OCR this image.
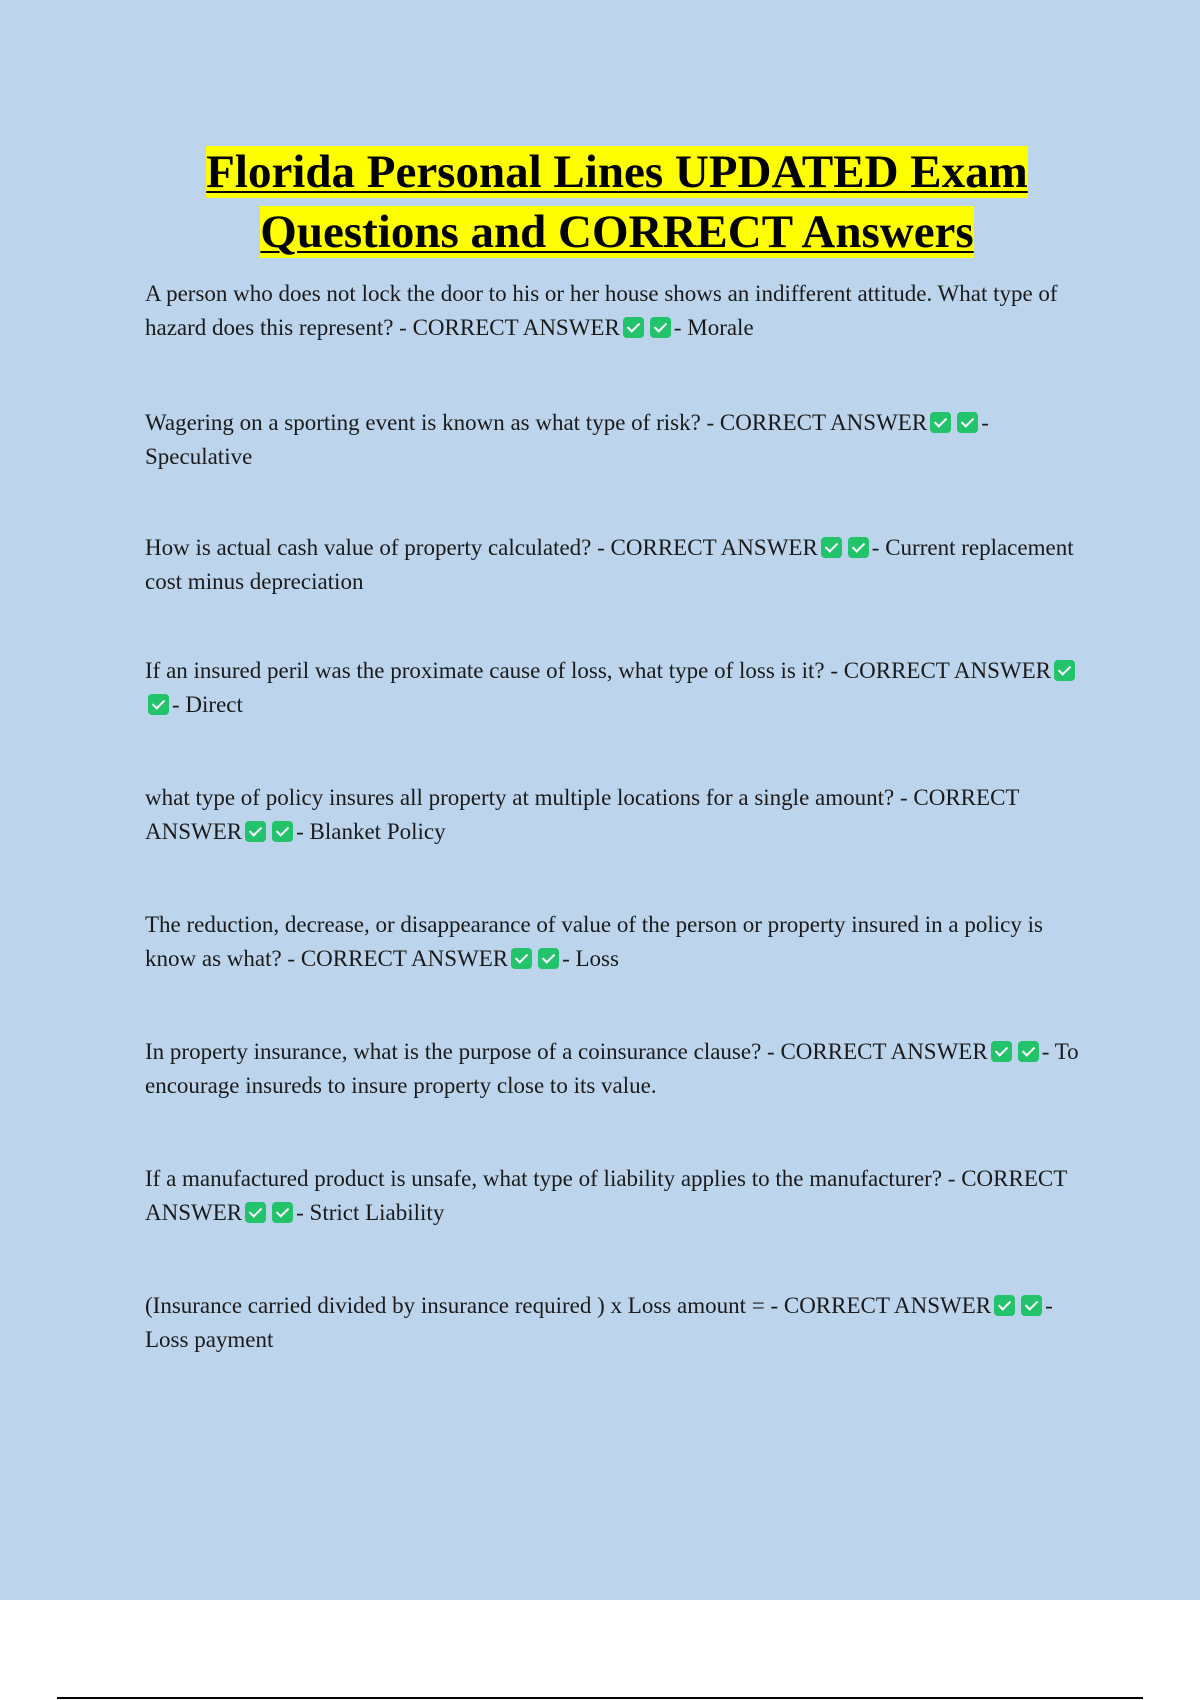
Florida Personal Lines UPDATED Exam
Questions and CORRECT Answers

A person who does not lock the door to his or her house shows an indifferent attitude. What type of hazard does this represent? - CORRECT ANSWER - Morale

Wagering on a sporting event is known as what type of risk? - CORRECT ANSWER - Speculative

How is actual cash value of property calculated? - CORRECT ANSWER - Current replacement cost minus depreciation

If an insured peril was the proximate cause of loss, what type of loss is it? - CORRECT ANSWER- Direct

what type of policy insures all property at multiple locations for a single amount? - CORRECT ANSWER - Blanket Policy

The reduction, decrease, or disappearance of value of the person or property insured in a policy is know as what? - CORRECT ANSWER - Loss

In property insurance, what is the purpose of a coinsurance clause? - CORRECT ANSWER - To encourage insureds to insure property close to its value.

If a manufactured product is unsafe, what type of liability applies to the manufacturer? - CORRECT ANSWER - Strict Liability

(Insurance carried divided by insurance required ) x Loss amount = - CORRECT ANSWER - Loss payment
